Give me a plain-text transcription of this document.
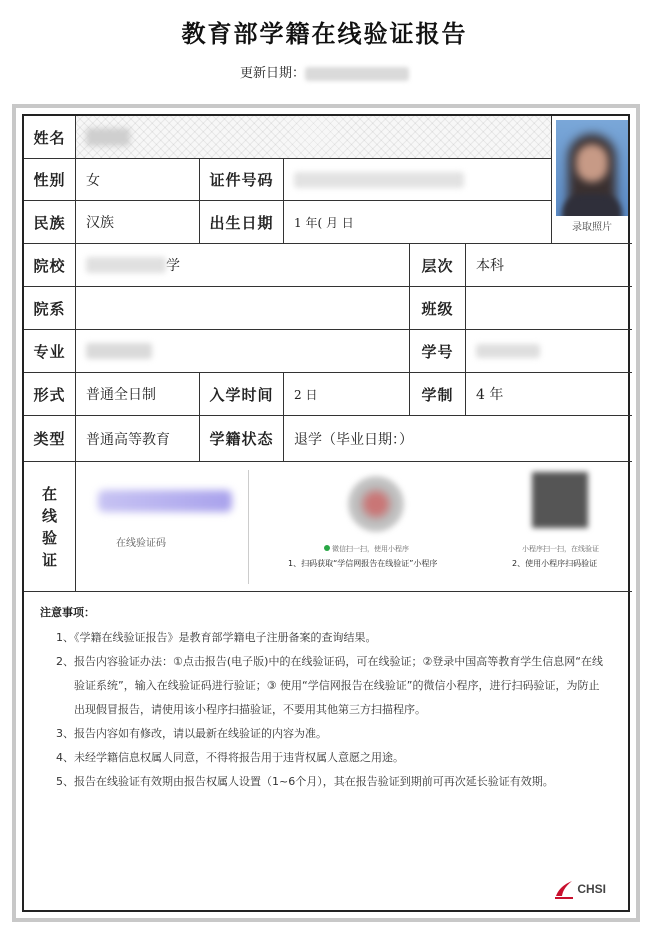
教育部学籍在线验证报告
更新日期：
姓名
性别	女	证件号码
民族	汉族	出生日期	1 年( 月 日	录取照片
院校	学	层次	本科
院系	班级
专业	学号
形式	普通全日制	入学时间	2 日	学制	4 年
类型	普通高等教育	学籍状态	退学（毕业日期：）
在
线
验
证
在线验证码	微信扫一扫，使用小程序
1、扫码获取“学信网报告在线验证”小程序
小程序扫一扫，在线验证
2、使用小程序扫码验证
注意事项：
1、《学籍在线验证报告》是教育部学籍电子注册备案的查询结果。
2、报告内容验证办法：①点击报告(电子版)中的在线验证码，可在线验证；②登录中国高等教育学生信息网“在线验证系统”，输入在线验证码进行验证；③ 使用“学信网报告在线验证”的微信小程序，进行扫码验证，为防止出现假冒报告，请使用该小程序扫描验证，不要用其他第三方扫描程序。
3、报告内容如有修改，请以最新在线验证的内容为准。
4、未经学籍信息权属人同意，不得将报告用于违背权属人意愿之用途。
5、报告在线验证有效期由报告权属人设置（1~6个月），其在报告验证到期前可再次延长验证有效期。
CHSI
